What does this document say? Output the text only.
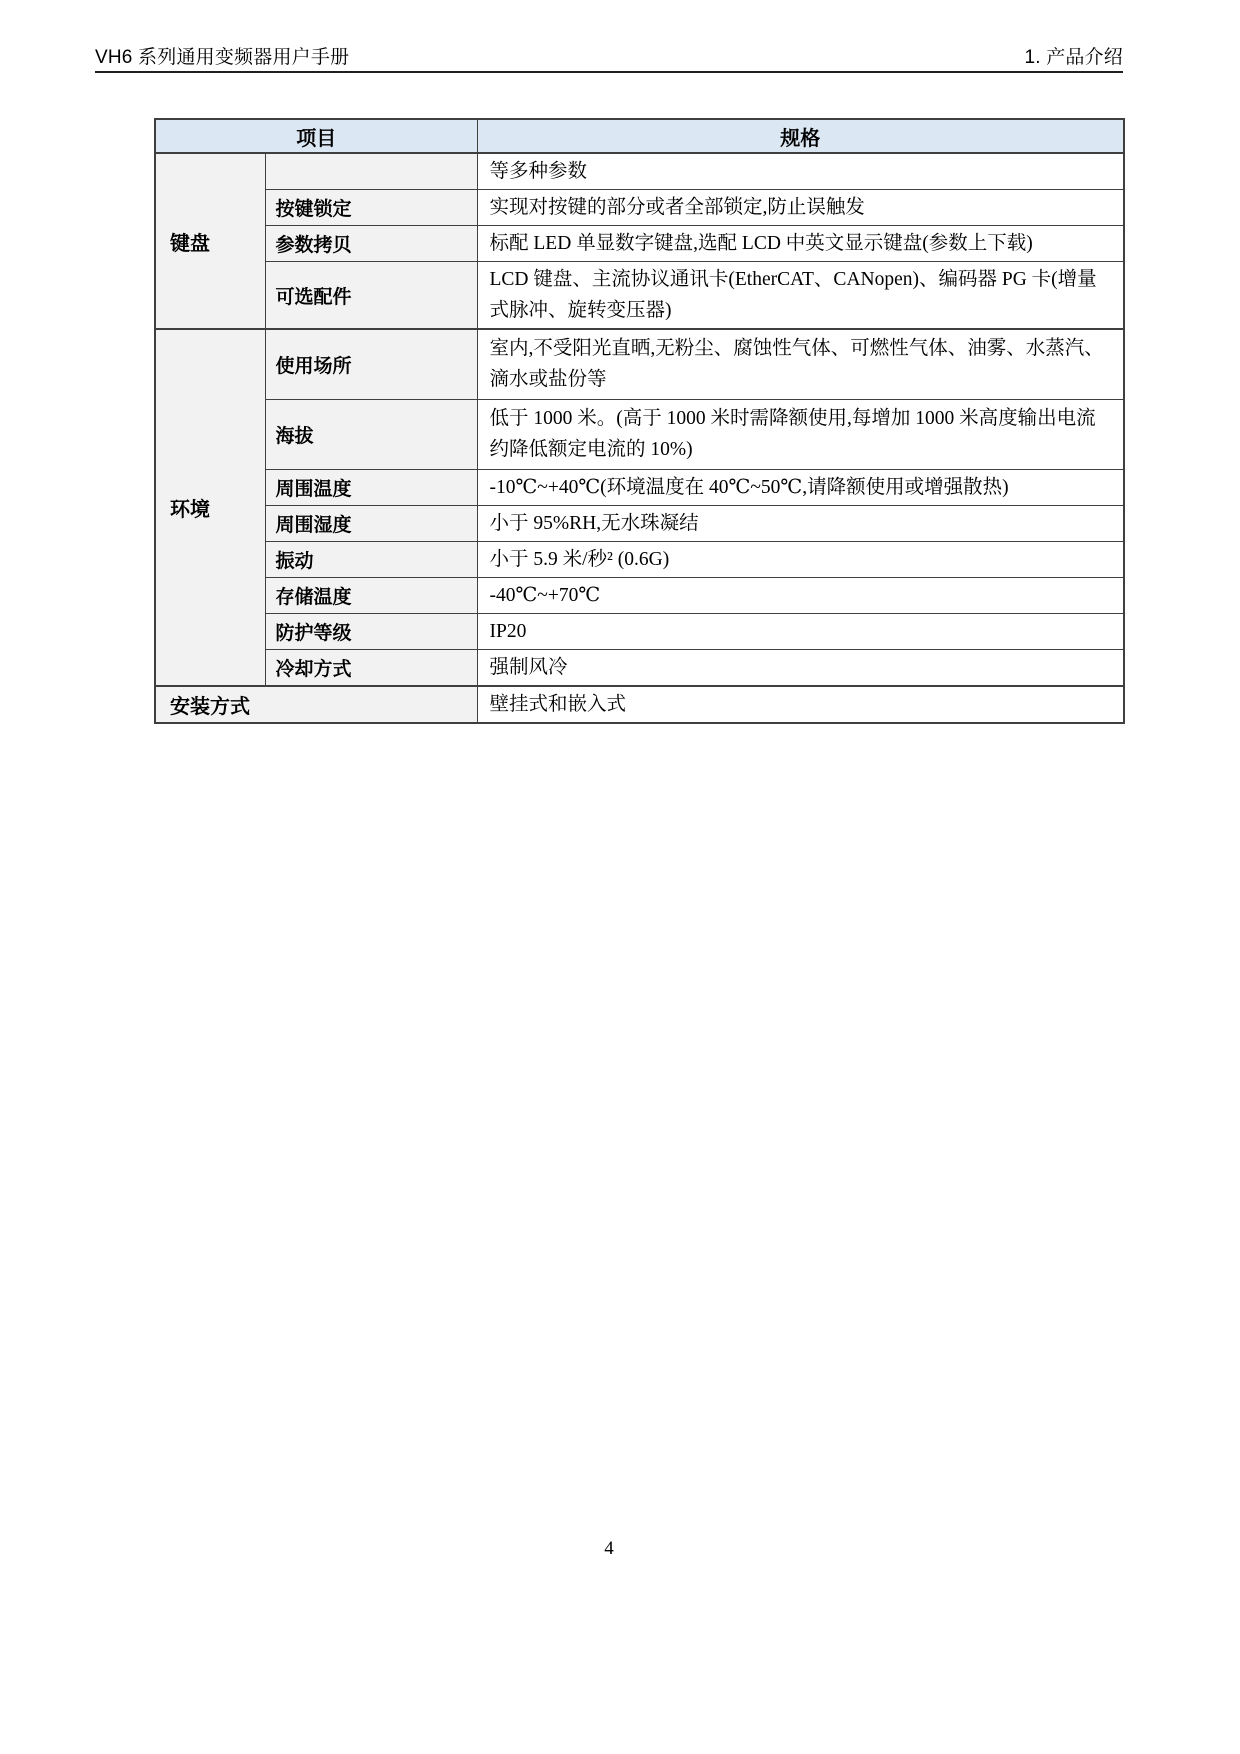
VH6 系列通用变频器用户手册	1. 产品介绍
项目		规格
键盘		等多种参数
	按键锁定	实现对按键的部分或者全部锁定,防止误触发
	参数拷贝	标配 LED 单显数字键盘,选配 LCD 中英文显示键盘(参数上下载)
	可选配件	LCD 键盘、主流协议通讯卡(EtherCAT、CANopen)、编码器 PG 卡(增量式脉冲、旋转变压器)
环境	使用场所	室内,不受阳光直晒,无粉尘、腐蚀性气体、可燃性气体、油雾、水蒸汽、滴水或盐份等
	海拔	低于 1000 米。(高于 1000 米时需降额使用,每增加 1000 米高度输出电流约降低额定电流的 10%)
	周围温度	-10℃~+40℃(环境温度在 40℃~50℃,请降额使用或增强散热)
	周围湿度	小于 95%RH,无水珠凝结
	振动	小于 5.9 米/秒² (0.6G)
	存储温度	-40℃~+70℃
	防护等级	IP20
	冷却方式	强制风冷
安装方式		壁挂式和嵌入式
4
